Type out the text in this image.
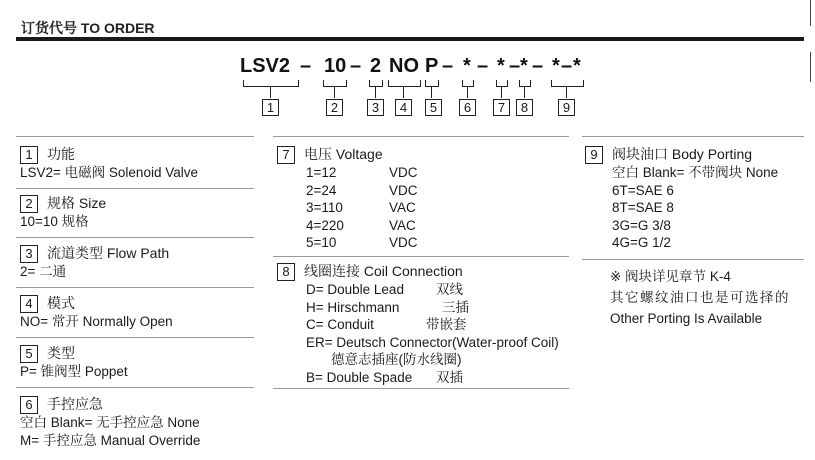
订货代号 TO ORDER
LSV2 – 10 – 2 NO P – * – * – * – * – *
1	2	3	4	5	6	7	8	9
1	功能
LSV2= 电磁阀 Solenoid Valve
2	规格 Size
10=10 规格
3	流道类型 Flow Path
2= 二通
4	模式
NO= 常开 Normally Open
5	类型
P= 锥阀型 Poppet
6	手控应急
空白 Blank= 无手控应急 None
M= 手控应急 Manual Override
7	电压 Voltage
1=12	VDC
2=24	VDC
3=110	VAC
4=220	VAC
5=10	VDC
8	线圈连接 Coil Connection
D= Double Lead	双线
H= Hirschmann	三插
C= Conduit	带嵌套
ER= Deutsch Connector(Water-proof Coil)
德意志插座(防水线圈)
B= Double Spade	双插
9	阀块油口 Body Porting
空白 Blank= 不带阀块 None
6T=SAE 6
8T=SAE 8
3G=G 3/8
4G=G 1/2
※ 阀块详见章节 K-4
其它螺纹油口也是可选择的
Other Porting Is Available
